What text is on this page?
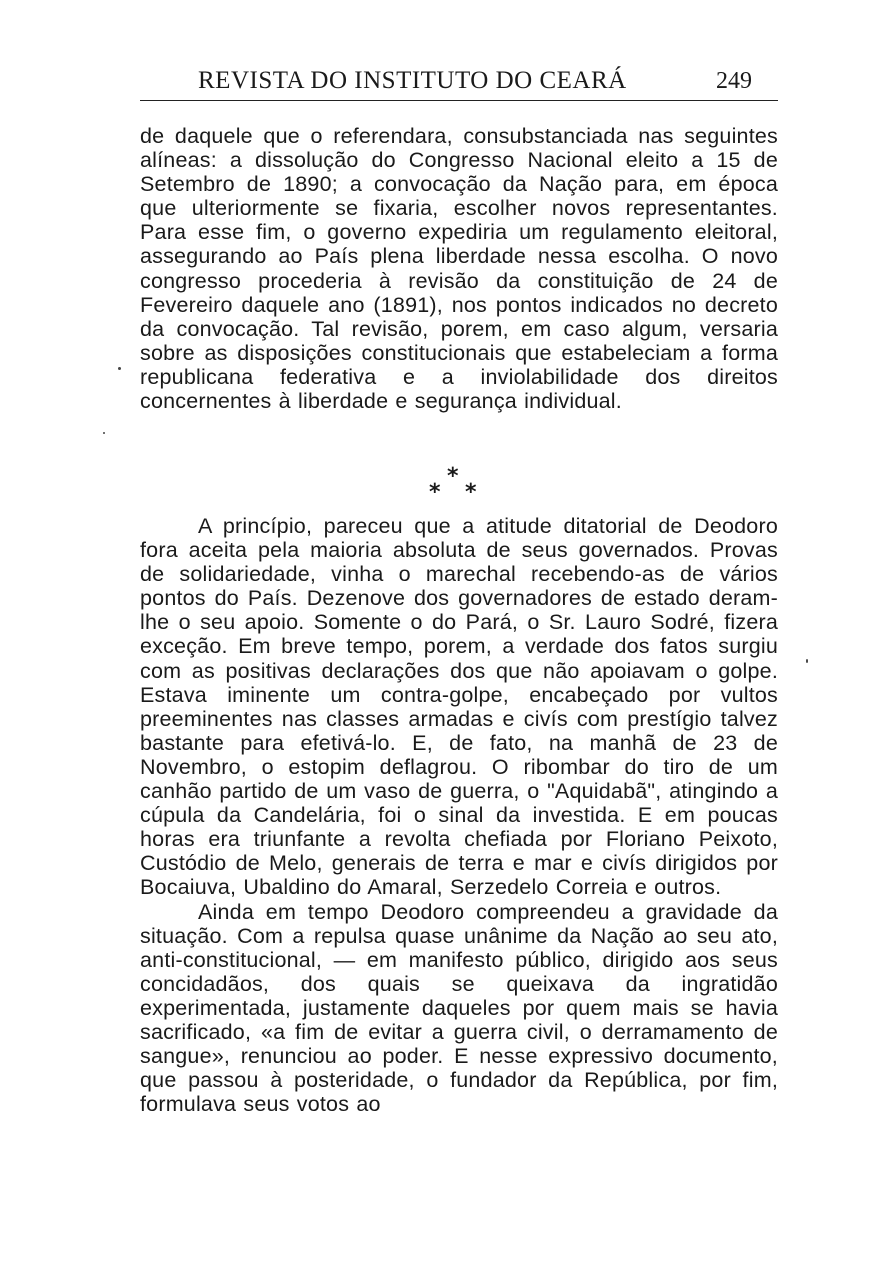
REVISTA DO INSTITUTO DO CEARÁ	249

de daquele que o referendara, consubstanciada nas seguintes alíneas: a dissolução do Congresso Nacional eleito a 15 de Setembro de 1890; a convocação da Nação para, em época que ulteriormente se fixaria, escolher novos representantes. Para esse fim, o governo expediria um regulamento eleitoral, assegurando ao País plena liberdade nessa escolha. O novo congresso procederia à revisão da constituição de 24 de Fevereiro daquele ano (1891), nos pontos indicados no decreto da convocação. Tal revisão, porem, em caso algum, versaria sobre as disposições constitucionais que estabeleciam a forma republicana federativa e a inviolabilidade dos direitos concernentes à liberdade e segurança individual.

*
* *

A princípio, pareceu que a atitude ditatorial de Deodoro fora aceita pela maioria absoluta de seus governados. Provas de solidariedade, vinha o marechal recebendo-as de vários pontos do País. Dezenove dos governadores de estado deram-lhe o seu apoio. Somente o do Pará, o Sr. Lauro Sodré, fizera exceção. Em breve tempo, porem, a verdade dos fatos surgiu com as positivas declarações dos que não apoiavam o golpe. Estava iminente um contra-golpe, encabeçado por vultos preeminentes nas classes armadas e civís com prestígio talvez bastante para efetivá-lo. E, de fato, na manhã de 23 de Novembro, o estopim deflagrou. O ribombar do tiro de um canhão partido de um vaso de guerra, o "Aquidabã", atingindo a cúpula da Candelária, foi o sinal da investida. E em poucas horas era triunfante a revolta chefiada por Floriano Peixoto, Custódio de Melo, generais de terra e mar e civís dirigidos por Bocaiuva, Ubaldino do Amaral, Serzedelo Correia e outros.

Ainda em tempo Deodoro compreendeu a gravidade da situação. Com a repulsa quase unânime da Nação ao seu ato, anti-constitucional, — em manifesto público, dirigido aos seus concidadãos, dos quais se queixava da ingratidão experimentada, justamente daqueles por quem mais se havia sacrificado, «a fim de evitar a guerra civil, o derramamento de sangue», renunciou ao poder. E nesse expressivo documento, que passou à posteridade, o fundador da República, por fim, formulava seus votos ao
